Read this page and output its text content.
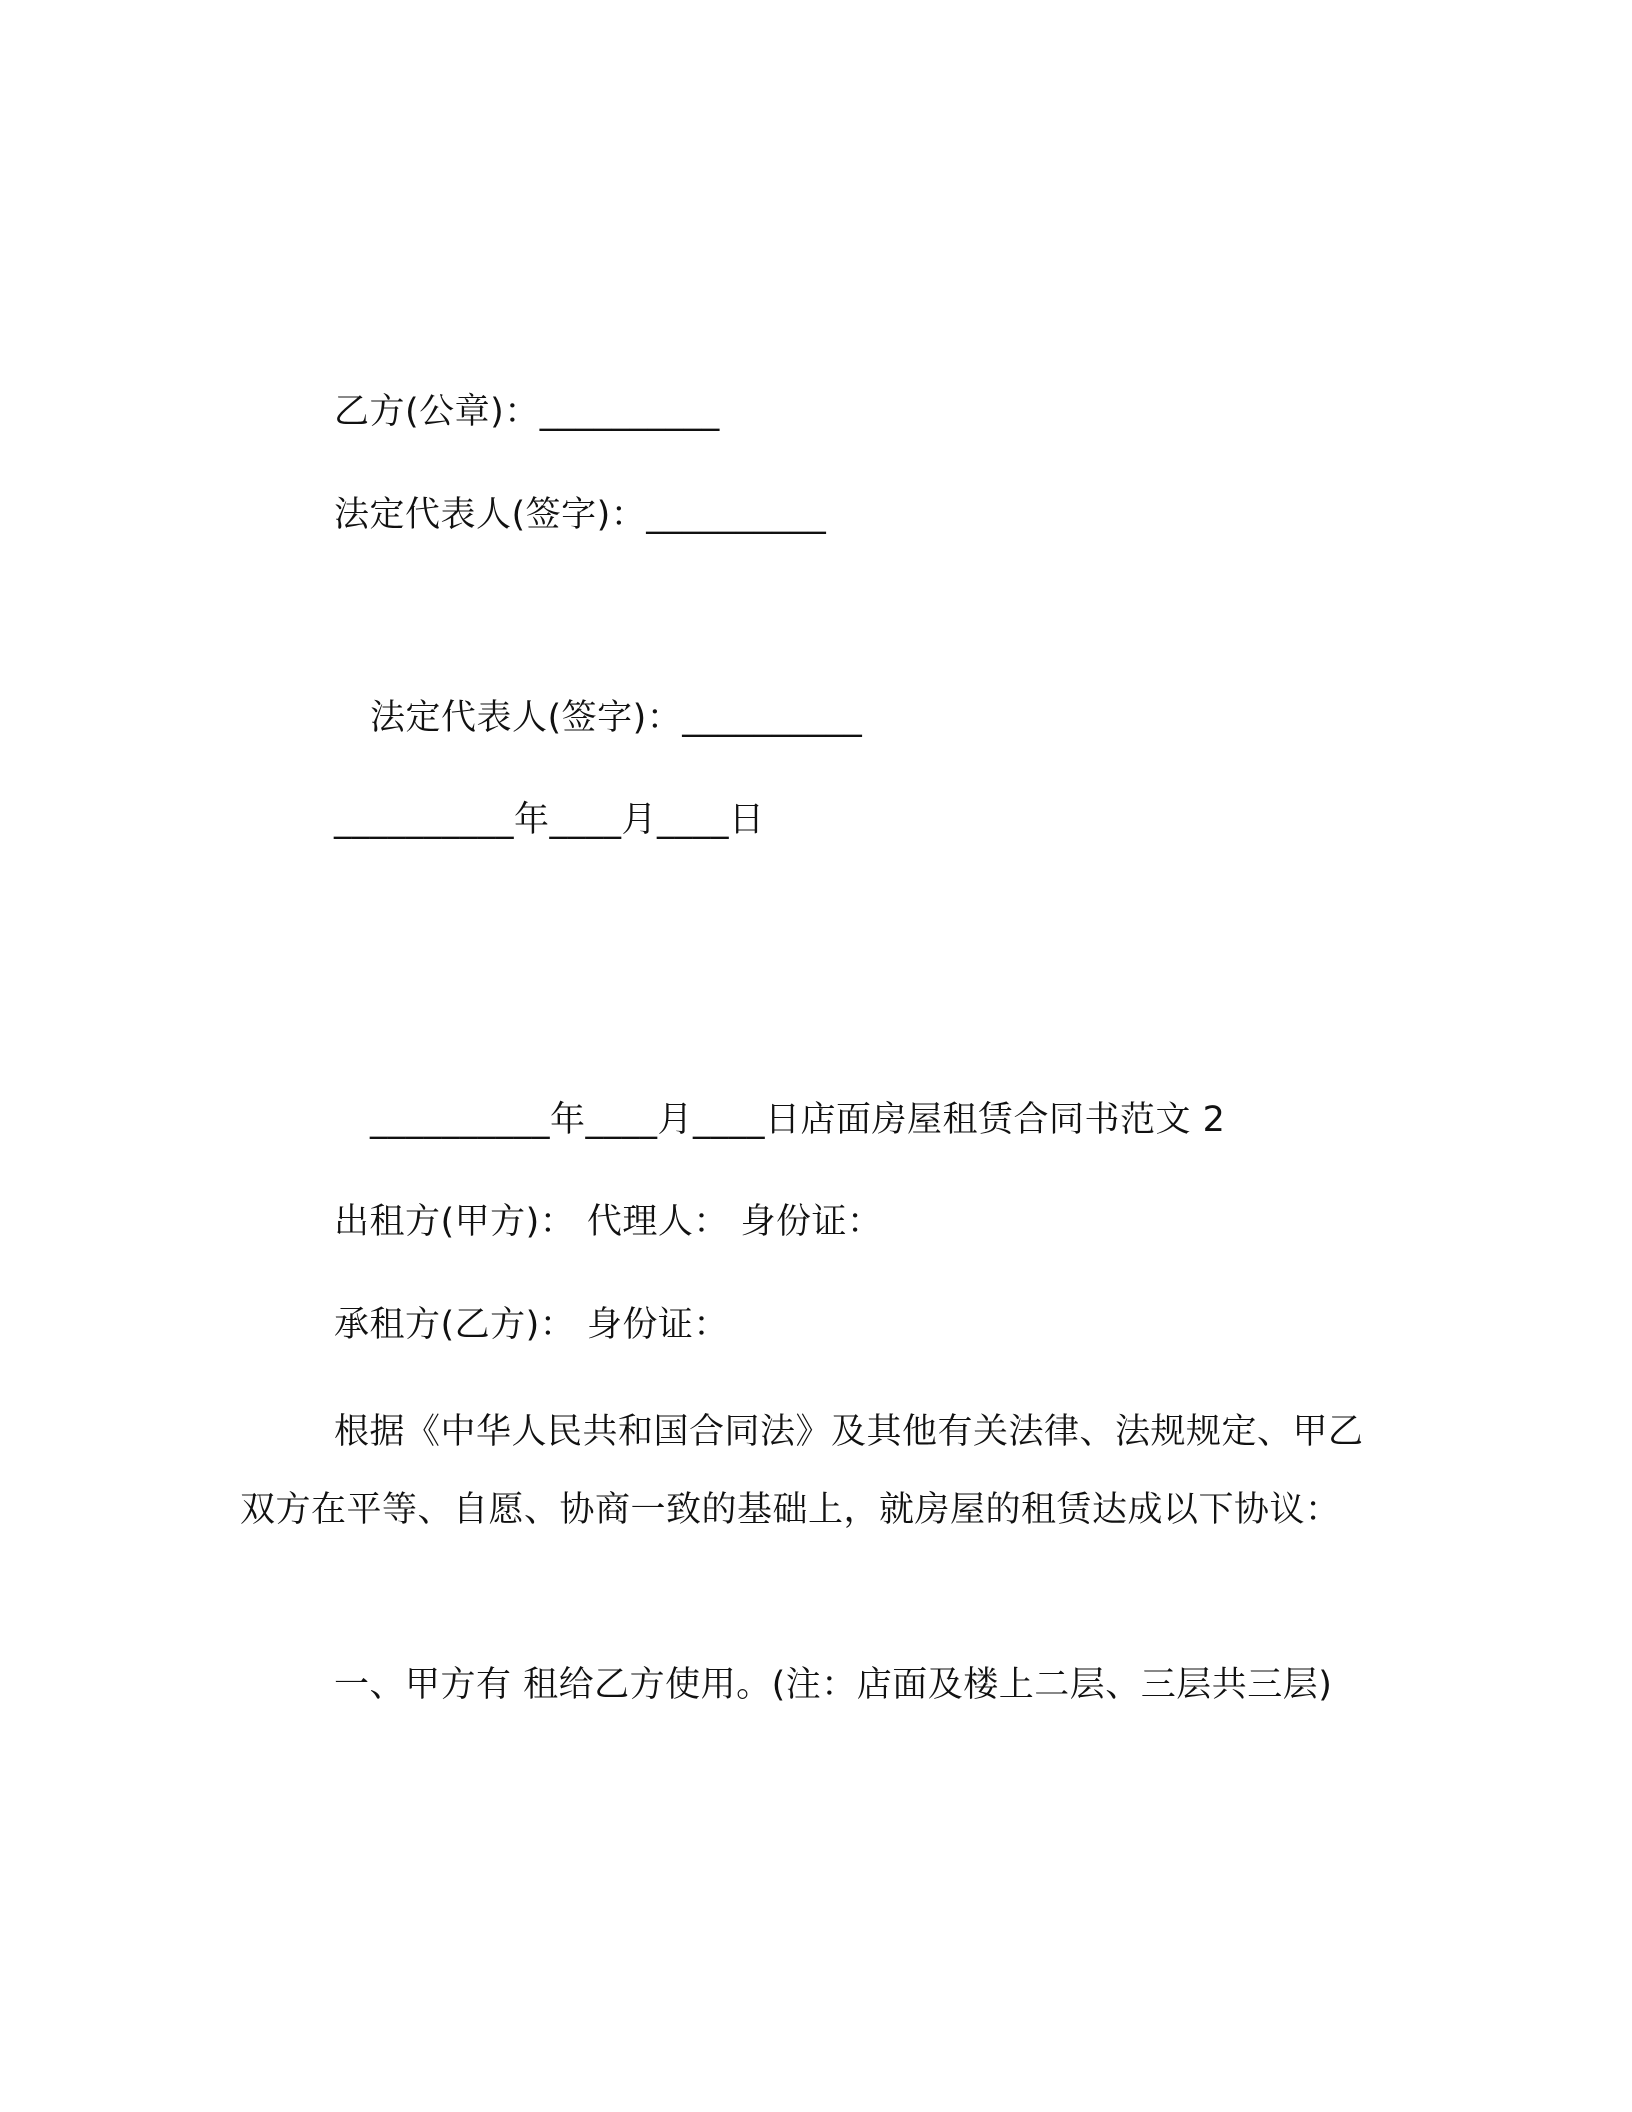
乙方(公章)：__________
法定代表人(签字)：__________
法定代表人(签字)：__________
__________年____月____日
__________年____月____日店面房屋租赁合同书范文 2
出租方(甲方)： 代理人： 身份证：
承租方(乙方)： 身份证：
根据《中华人民共和国合同法》及其他有关法律、法规规定、甲乙双方在平等、自愿、协商一致的基础上，就房屋的租赁达成以下协议：
一、甲方有 租给乙方使用。(注：店面及楼上二层、三层共三层)
